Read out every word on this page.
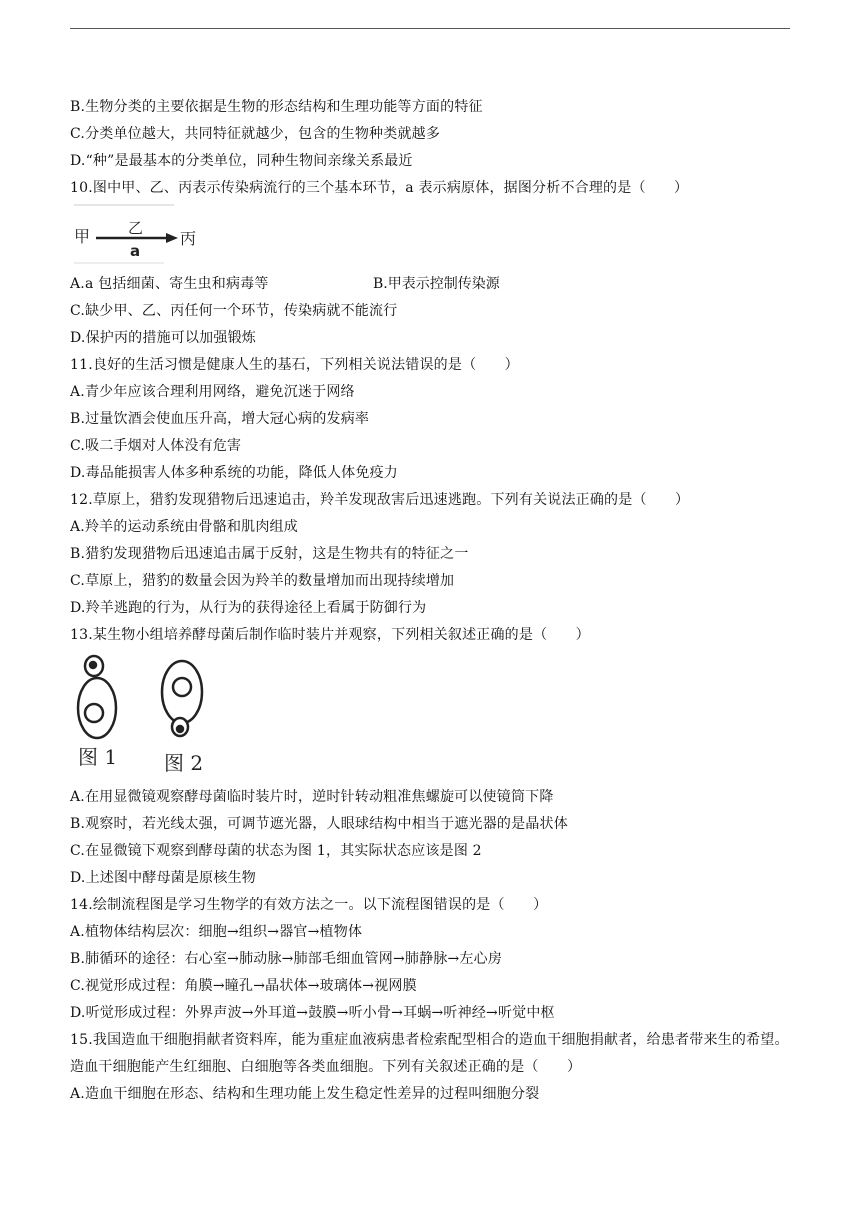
B.生物分类的主要依据是生物的形态结构和生理功能等方面的特征
C.分类单位越大，共同特征就越少，包含的生物种类就越多
D.“种”是最基本的分类单位，同种生物间亲缘关系最近
10.图中甲、乙、丙表示传染病流行的三个基本环节，a 表示病原体，据图分析不合理的是（　　）
甲	乙
丙
a
A.a 包括细菌、寄生虫和病毒等	B.甲表示控制传染源
C.缺少甲、乙、丙任何一个环节，传染病就不能流行
D.保护丙的措施可以加强锻炼
11.良好的生活习惯是健康人生的基石，下列相关说法错误的是（　　）
A.青少年应该合理利用网络，避免沉迷于网络
B.过量饮酒会使血压升高，增大冠心病的发病率
C.吸二手烟对人体没有危害
D.毒品能损害人体多种系统的功能，降低人体免疫力
12.草原上，猎豹发现猎物后迅速追击，羚羊发现敌害后迅速逃跑。下列有关说法正确的是（　　）
A.羚羊的运动系统由骨骼和肌肉组成
B.猎豹发现猎物后迅速追击属于反射，这是生物共有的特征之一
C.草原上，猎豹的数量会因为羚羊的数量增加而出现持续增加
D.羚羊逃跑的行为，从行为的获得途径上看属于防御行为
13.某生物小组培养酵母菌后制作临时装片并观察，下列相关叙述正确的是（　　）
图 1 图 2
A.在用显微镜观察酵母菌临时装片时，逆时针转动粗准焦螺旋可以使镜筒下降
B.观察时，若光线太强，可调节遮光器，人眼球结构中相当于遮光器的是晶状体
C.在显微镜下观察到酵母菌的状态为图 1，其实际状态应该是图 2
D.上述图中酵母菌是原核生物
14.绘制流程图是学习生物学的有效方法之一。以下流程图错误的是（　　）
A.植物体结构层次：细胞→组织→器官→植物体
B.肺循环的途径：右心室→肺动脉→肺部毛细血管网→肺静脉→左心房
C.视觉形成过程：角膜→瞳孔→晶状体→玻璃体→视网膜
D.听觉形成过程：外界声波→外耳道→鼓膜→听小骨→耳蜗→听神经→听觉中枢
15.我国造血干细胞捐献者资料库，能为重症血液病患者检索配型相合的造血干细胞捐献者，给患者带来生的希望。造血干细胞能产生红细胞、白细胞等各类血细胞。下列有关叙述正确的是（　　）
A.造血干细胞在形态、结构和生理功能上发生稳定性差异的过程叫细胞分裂
